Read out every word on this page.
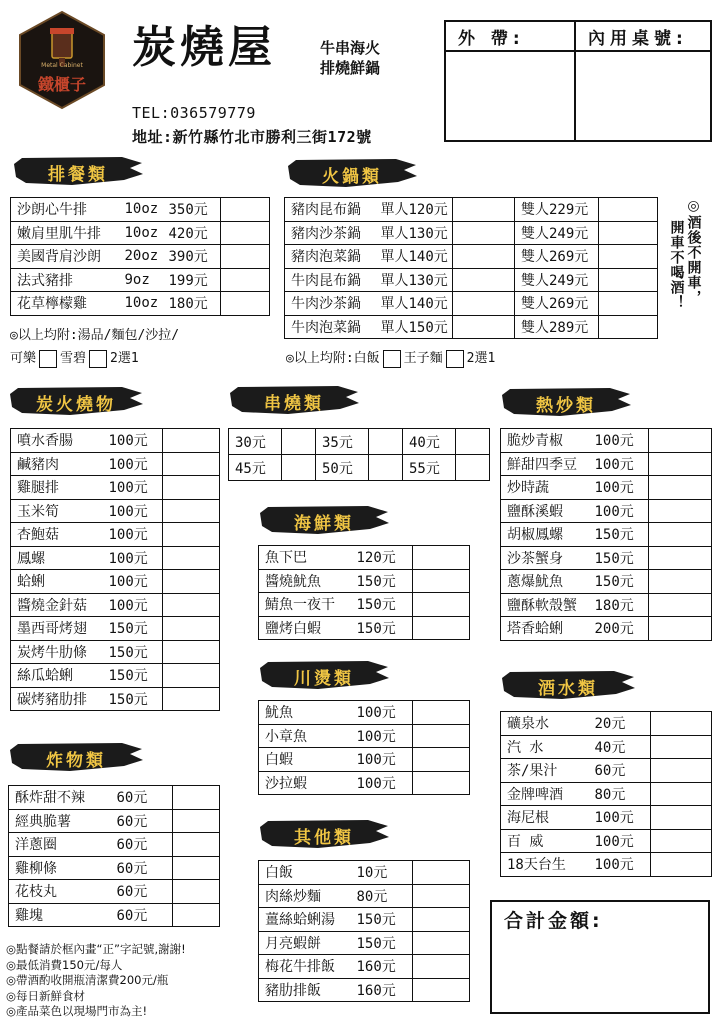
Metal Cabinet
鐵櫃子
炭燒屋	牛串海火
排燒鮮鍋
TEL:036579779
地址:新竹縣竹北市勝利三街172號
外 帶:	內用桌號:
排餐類	火鍋類
炭火燒物	串燒類	熱炒類
海鮮類
川燙類	酒水類
炸物類
其他類
沙朗心牛排	10oz	350元	
嫩肩里肌牛排	10oz	420元	
美國背肩沙朗	20oz	390元	
法式豬排	9oz	199元	
花草檸檬雞	10oz	180元	
◎以上均附:湯品/麵包/沙拉/
可樂 雪碧 2選1
豬肉昆布鍋	單人120元		雙人229元	
豬肉沙茶鍋	單人130元		雙人249元	
豬肉泡菜鍋	單人140元		雙人269元	
牛肉昆布鍋	單人130元		雙人249元	
牛肉沙茶鍋	單人140元		雙人269元	
牛肉泡菜鍋	單人150元		雙人289元	
◎以上均附:白飯 王子麵 2選1
◎酒後不開車，
開車不喝酒！
噴水香腸	100元	
鹹豬肉	100元	
雞腿排	100元	
玉米筍	100元	
杏鮑菇	100元	
鳳螺	100元	
蛤蜊	100元	
醬燒金針菇	100元	
墨西哥烤翅	150元	
炭烤牛肋條	150元	
絲瓜蛤蜊	150元	
碳烤豬肋排	150元	
30元		35元		40元	
45元		50元		55元	
脆炒青椒	100元	
鮮甜四季豆	100元	
炒時蔬	100元	
鹽酥溪蝦	100元	
胡椒鳳螺	150元	
沙茶蟹身	150元	
蔥爆魷魚	150元	
鹽酥軟殼蟹	180元	
塔香蛤蜊	200元	
魚下巴	120元	
醬燒魷魚	150元	
鯖魚一夜干	150元	
鹽烤白蝦	150元	
魷魚	100元	
小章魚	100元	
白蝦	100元	
沙拉蝦	100元	
礦泉水	20元	
汽 水	40元	
茶/果汁	60元	
金牌啤酒	80元	
海尼根	100元	
百 威	100元	
18天台生	100元	
酥炸甜不辣	60元	
經典脆薯	60元	
洋蔥圈	60元	
雞柳條	60元	
花枝丸	60元	
雞塊	60元	
白飯	10元	
肉絲炒麵	80元	
薑絲蛤蜊湯	150元	
月亮蝦餅	150元	
梅花牛排飯	160元	
豬肋排飯	160元	
合計金額:
◎點餐請於框內畫“正”字記號,謝謝!
◎最低消費150元/每人
◎帶酒酌收開瓶清潔費200元/瓶
◎每日新鮮食材
◎產品菜色以現場門市為主!
